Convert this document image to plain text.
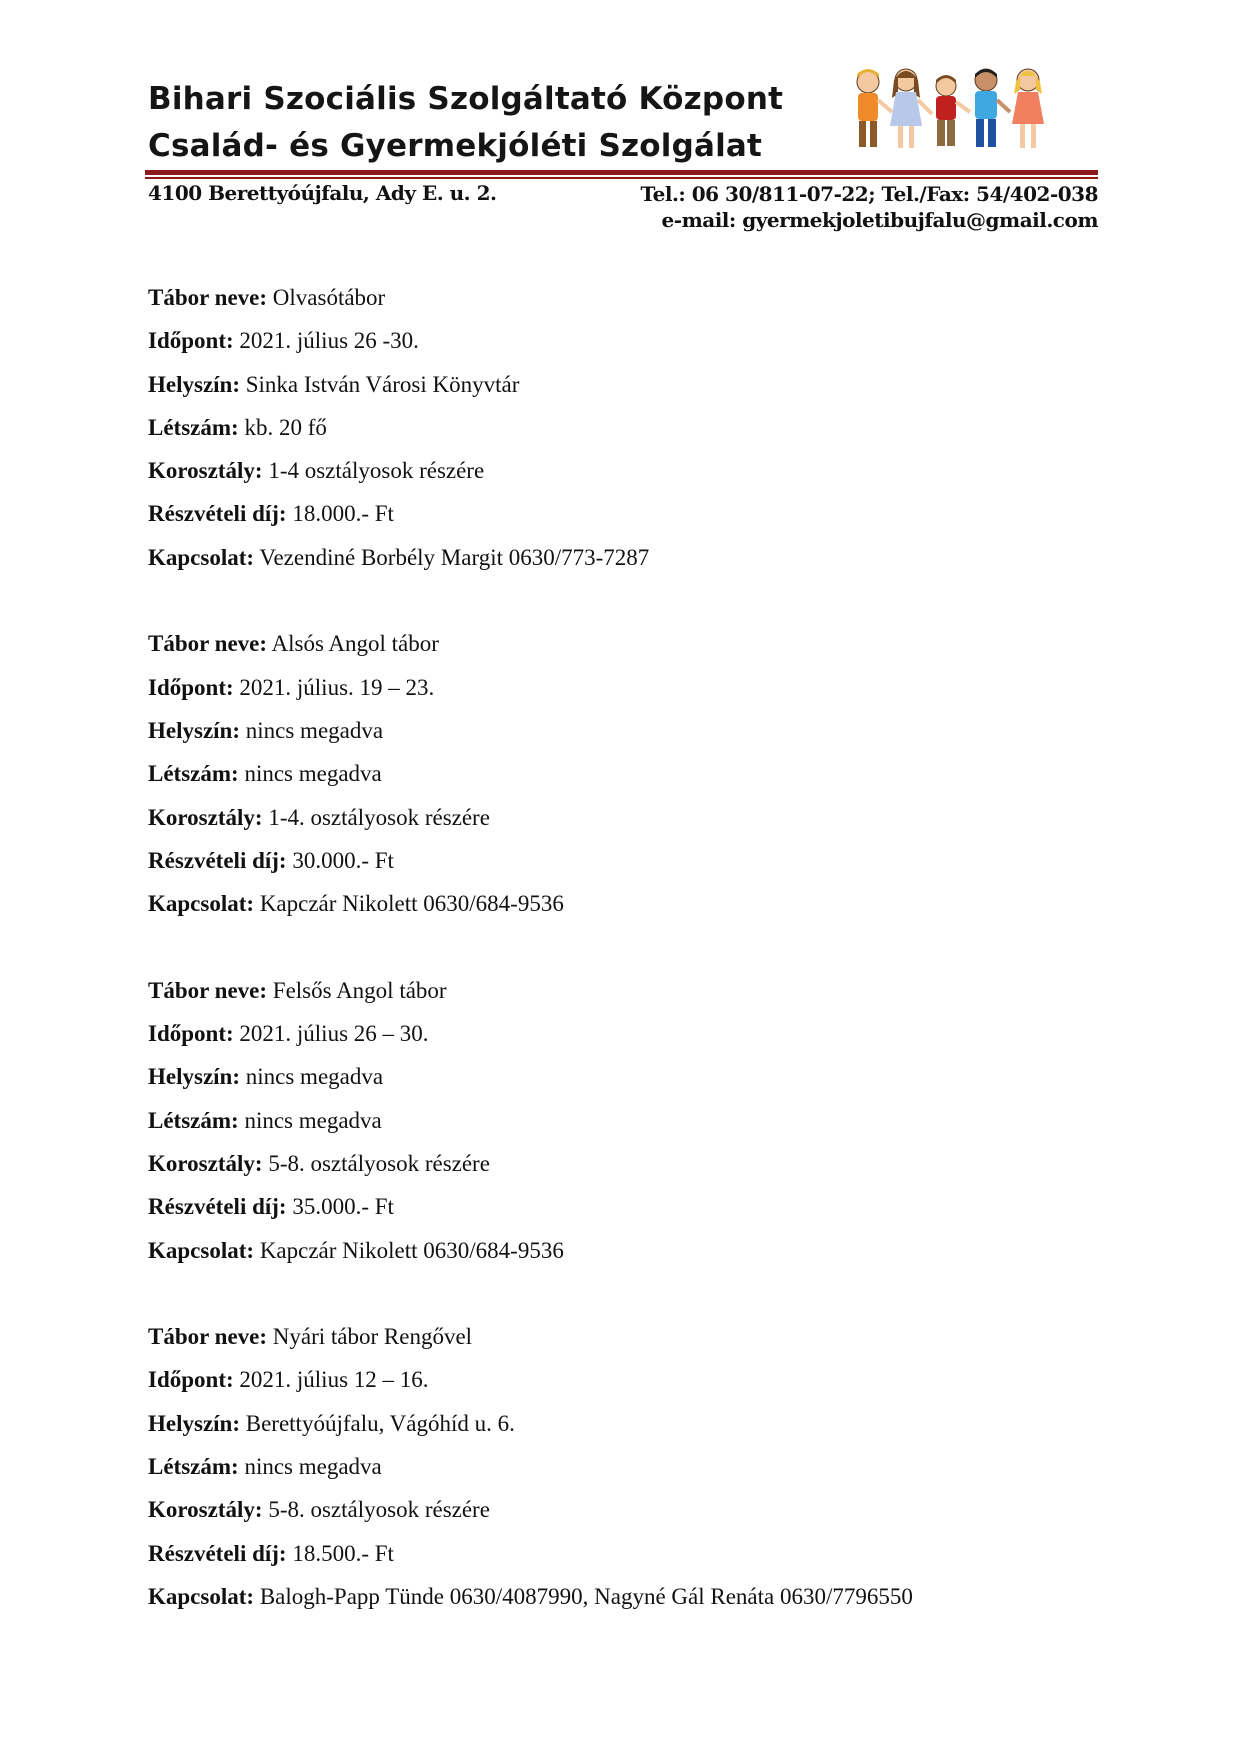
Bihari Szociális Szolgáltató Központ
Család- és Gyermekjóléti Szolgálat
4100 Berettyóújfalu, Ady E. u. 2.	Tel.: 06 30/811-07-22; Tel./Fax: 54/402-038
e-mail: gyermekjoletibujfalu@gmail.com
Tábor neve: Olvasótábor
Időpont: 2021. július 26 -30.
Helyszín: Sinka István Városi Könyvtár
Létszám: kb. 20 fő
Korosztály: 1-4 osztályosok részére
Részvételi díj: 18.000.- Ft
Kapcsolat: Vezendiné Borbély Margit 0630/773-7287
Tábor neve: Alsós Angol tábor
Időpont: 2021. július. 19 – 23.
Helyszín: nincs megadva
Létszám: nincs megadva
Korosztály: 1-4. osztályosok részére
Részvételi díj: 30.000.- Ft
Kapcsolat: Kapczár Nikolett 0630/684-9536
Tábor neve: Felsős Angol tábor
Időpont: 2021. július 26 – 30.
Helyszín: nincs megadva
Létszám: nincs megadva
Korosztály: 5-8. osztályosok részére
Részvételi díj: 35.000.- Ft
Kapcsolat: Kapczár Nikolett 0630/684-9536
Tábor neve: Nyári tábor Rengővel
Időpont: 2021. július 12 – 16.
Helyszín: Berettyóújfalu, Vágóhíd u. 6.
Létszám: nincs megadva
Korosztály: 5-8. osztályosok részére
Részvételi díj: 18.500.- Ft
Kapcsolat: Balogh-Papp Tünde 0630/4087990, Nagyné Gál Renáta 0630/7796550
